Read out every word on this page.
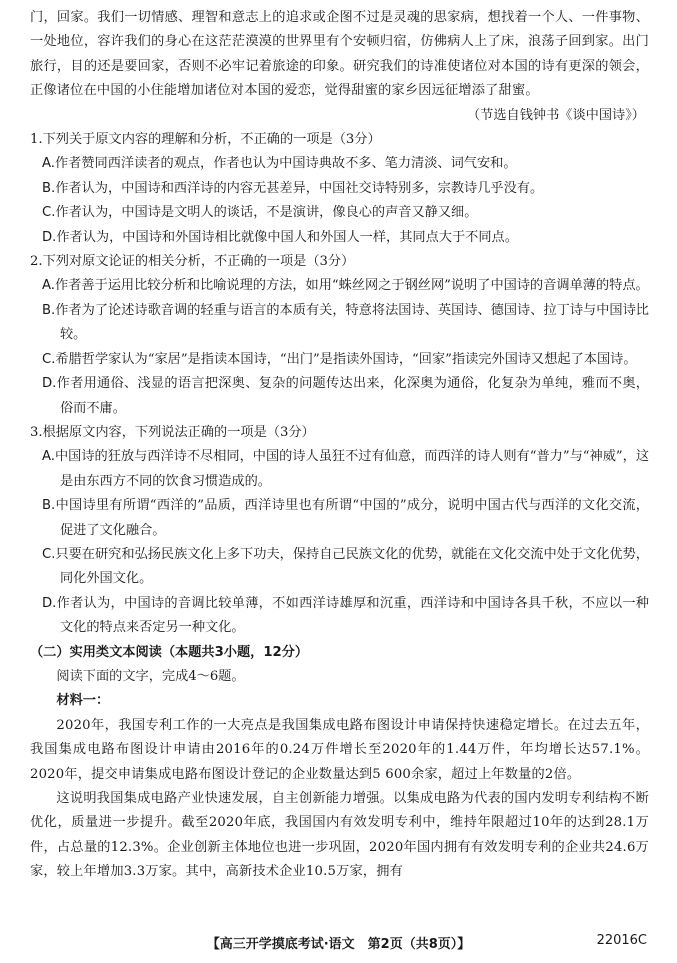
门，回家。我们一切情感、理智和意志上的追求或企图不过是灵魂的思家病，想找着一个人、一件事物、一处地位，容许我们的身心在这茫茫漠漠的世界里有个安顿归宿，仿佛病人上了床，浪荡子回到家。出门旅行，目的还是要回家，否则不必牢记着旅途的印象。研究我们的诗准使诸位对本国的诗有更深的领会，正像诸位在中国的小住能增加诸位对本国的爱恋，觉得甜蜜的家乡因远征增添了甜蜜。

（节选自钱钟书《谈中国诗》）

1.下列关于原文内容的理解和分析，不正确的一项是（3分）

A.作者赞同西洋读者的观点，作者也认为中国诗典故不多、笔力清淡、词气安和。

B.作者认为，中国诗和西洋诗的内容无甚差异，中国社交诗特别多，宗教诗几乎没有。

C.作者认为，中国诗是文明人的谈话，不是演讲，像良心的声音又静又细。

D.作者认为，中国诗和外国诗相比就像中国人和外国人一样，其同点大于不同点。

2.下列对原文论证的相关分析，不正确的一项是（3分）

A.作者善于运用比较分析和比喻说理的方法，如用“蛛丝网之于钢丝网”说明了中国诗的音调单薄的特点。

B.作者为了论述诗歌音调的轻重与语言的本质有关，特意将法国诗、英国诗、德国诗、拉丁诗与中国诗比较。

C.希腊哲学家认为“家居”是指读本国诗，“出门”是指读外国诗，“回家”指读完外国诗又想起了本国诗。

D.作者用通俗、浅显的语言把深奥、复杂的问题传达出来，化深奥为通俗，化复杂为单纯，雅而不奥，俗而不庸。

3.根据原文内容，下列说法正确的一项是（3分）

A.中国诗的狂放与西洋诗不尽相同，中国的诗人虽狂不过有仙意，而西洋的诗人则有“普力”与“神威”，这是由东西方不同的饮食习惯造成的。

B.中国诗里有所谓“西洋的”品质，西洋诗里也有所谓“中国的”成分，说明中国古代与西洋的文化交流，促进了文化融合。

C.只要在研究和弘扬民族文化上多下功夫，保持自己民族文化的优势，就能在文化交流中处于文化优势，同化外国文化。

D.作者认为，中国诗的音调比较单薄，不如西洋诗雄厚和沉重，西洋诗和中国诗各具千秋，不应以一种文化的特点来否定另一种文化。

（二）实用类文本阅读（本题共3小题，12分）

阅读下面的文字，完成4～6题。

材料一：

2020年，我国专利工作的一大亮点是我国集成电路布图设计申请保持快速稳定增长。在过去五年，我国集成电路布图设计申请由2016年的0.24万件增长至2020年的1.44万件，年均增长达57.1%。2020年，提交申请集成电路布图设计登记的企业数量达到5 600余家，超过上年数量的2倍。

这说明我国集成电路产业快速发展，自主创新能力增强。以集成电路为代表的国内发明专利结构不断优化，质量进一步提升。截至2020年底，我国国内有效发明专利中，维持年限超过10年的达到28.1万件，占总量的12.3%。企业创新主体地位也进一步巩固，2020年国内拥有有效发明专利的企业共24.6万家，较上年增加3.3万家。其中，高新技术企业10.5万家，拥有

【高三开学摸底考试·语文　第2页（共8页）】	22016C
